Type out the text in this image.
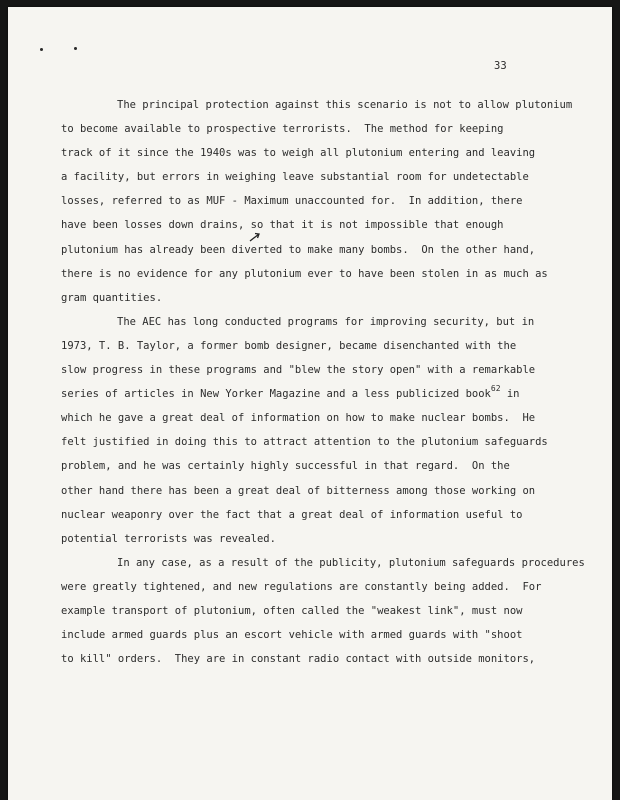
33
The principal protection against this scenario is not to allow plutonium
to become available to prospective terrorists.  The method for keeping
track of it since the 1940s was to weigh all plutonium entering and leaving
a facility, but errors in weighing leave substantial room for undetectable
losses, referred to as MUF - Maximum unaccounted for.  In addition, there
have been losses down drains, so that it is not impossible that enough
plutonium has already been diverted to make many bombs.  On the other hand,
there is no evidence for any plutonium ever to have been stolen in as much as
gram quantities.
The AEC has long conducted programs for improving security, but in
1973, T. B. Taylor, a former bomb designer, became disenchanted with the
slow progress in these programs and "blew the story open" with a remarkable
series of articles in New Yorker Magazine and a less publicized book$^{62}$ in
which he gave a great deal of information on how to make nuclear bombs.  He
felt justified in doing this to attract attention to the plutonium safeguards
problem, and he was certainly highly successful in that regard.  On the
other hand there has been a great deal of bitterness among those working on
nuclear weaponry over the fact that a great deal of information useful to
potential terrorists was revealed.
In any case, as a result of the publicity, plutonium safeguards procedures
were greatly tightened, and new regulations are constantly being added.  For
example transport of plutonium, often called the "weakest link", must now
include armed guards plus an escort vehicle with armed guards with "shoot
to kill" orders.  They are in constant radio contact with outside monitors,
